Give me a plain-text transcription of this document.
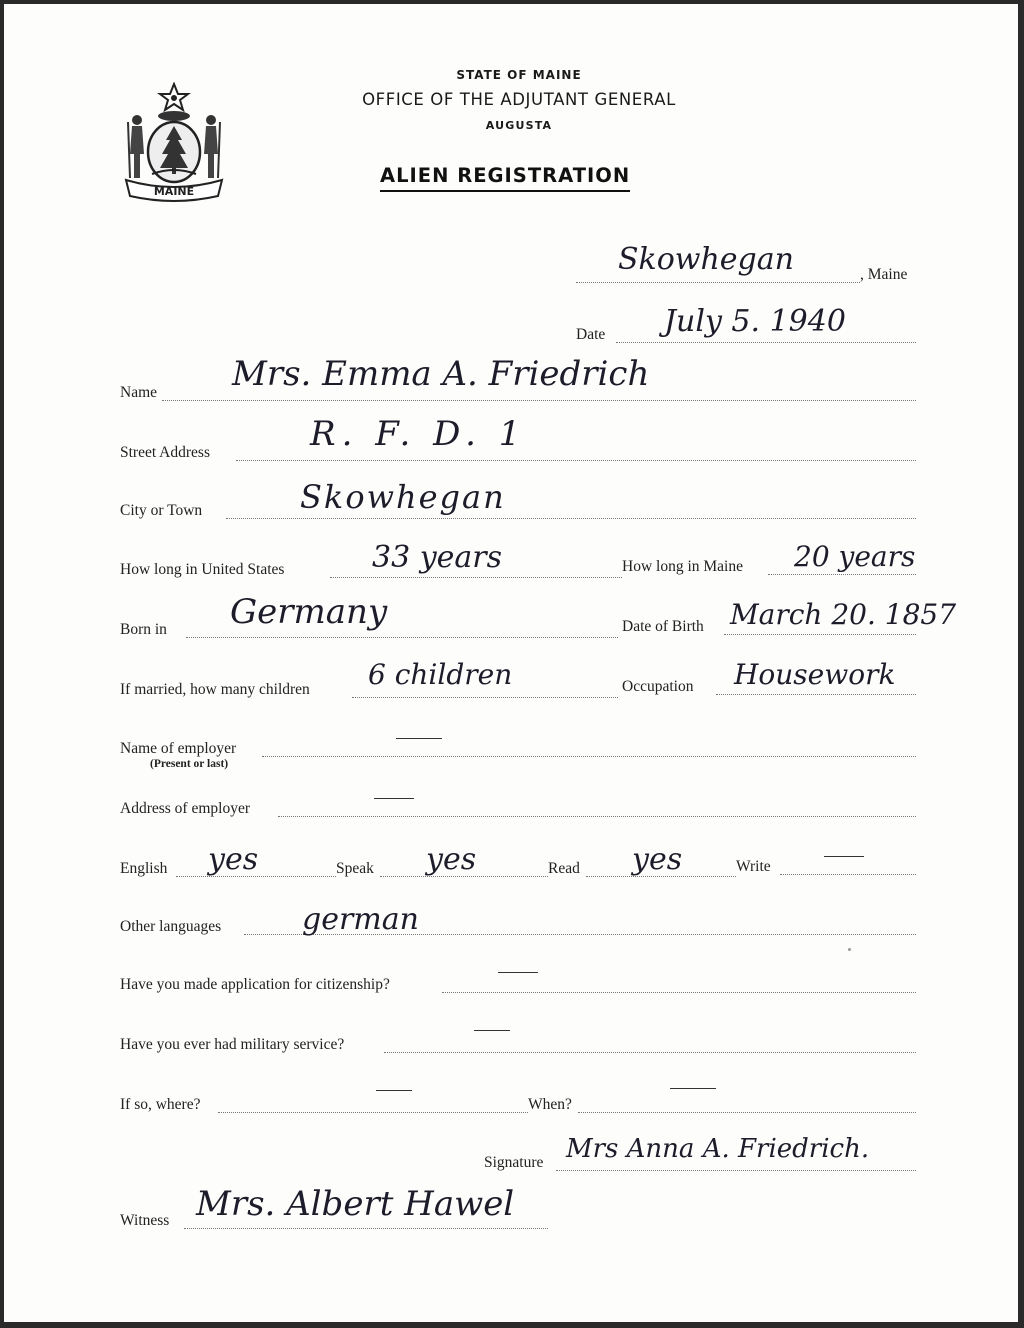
MAINE
STATE OF MAINE
OFFICE OF THE ADJUTANT GENERAL
AUGUSTA
ALIEN REGISTRATION
Skowhegan	, Maine
Date July 5. 1940
Name Mrs. Emma A. Friedrich
Street Address	R. F. D. 1
City or Town	Skowhegan
How long in United States	33 years	How long in Maine 20 years
Born in Germany	Date of Birth March 20. 1857
If married, how many children 6 children	Occupation Housework
Name of employer
(Present or last)
Address of employer
English yes	Speak yes	Read yes	Write
Other languages	german
Have you made application for citizenship?
Have you ever had military service?
If so, where?	When?
Signature Mrs Anna A. Friedrich.
Witness Mrs. Albert Hawel
